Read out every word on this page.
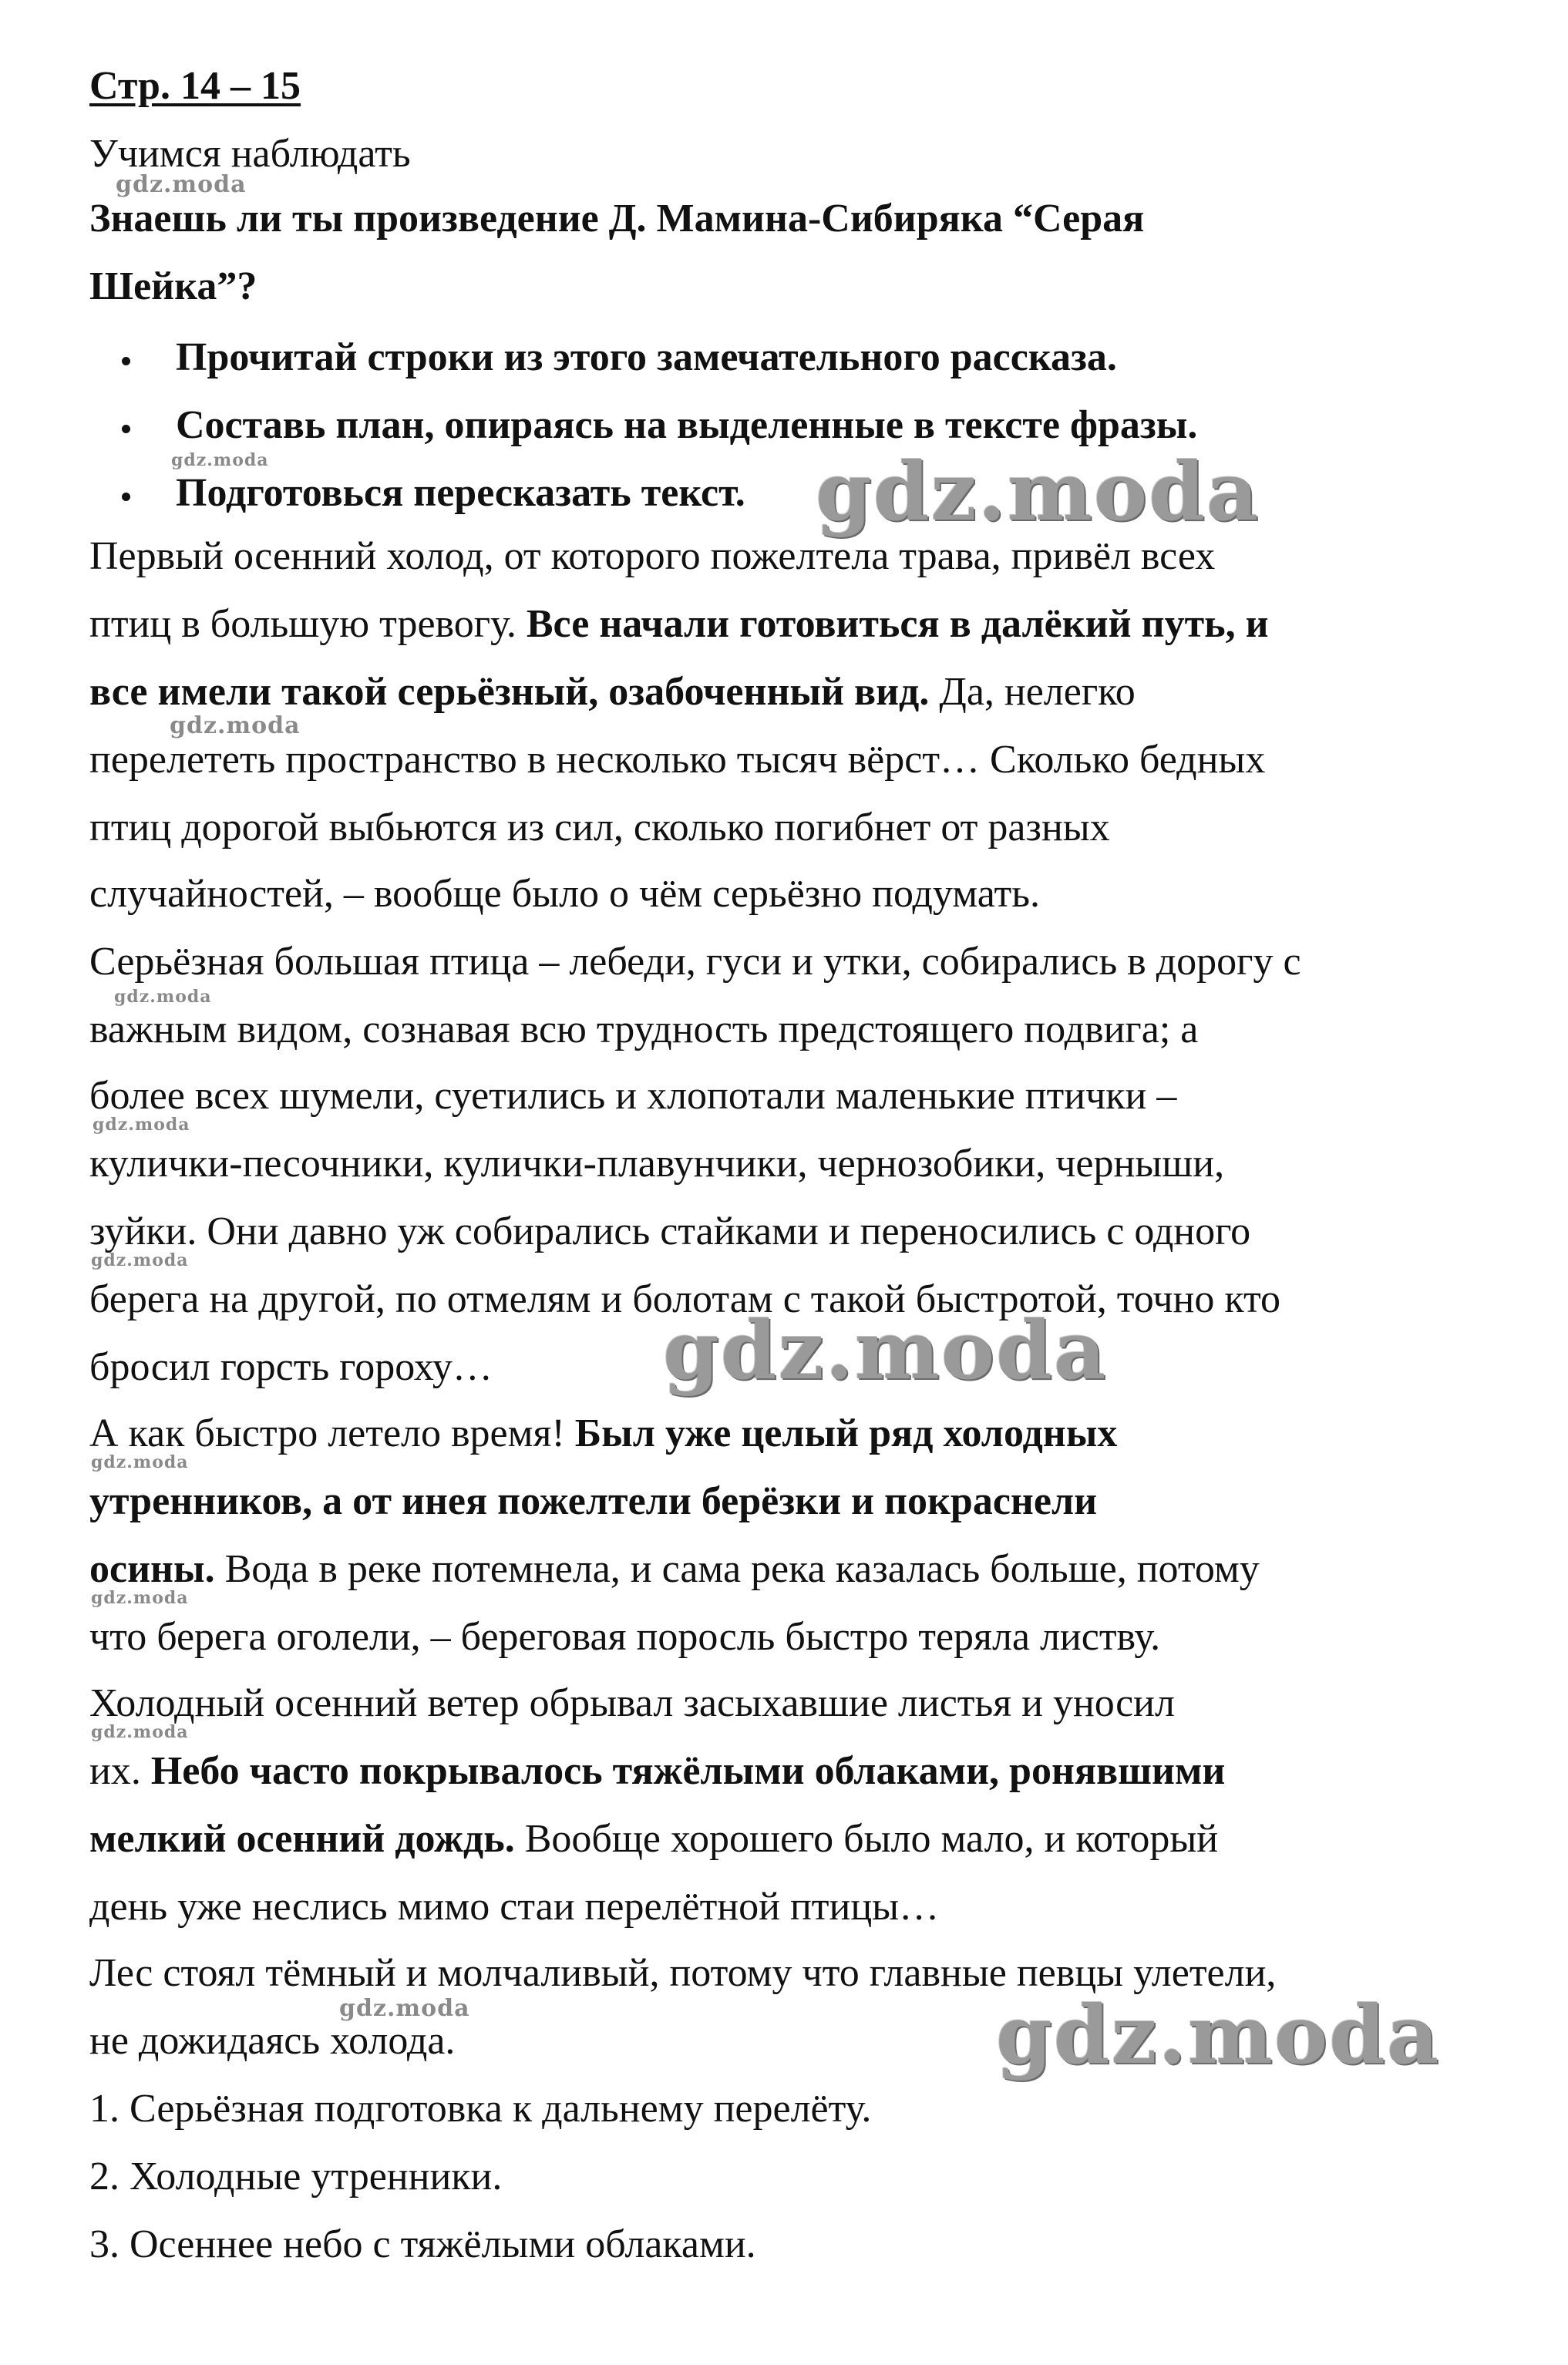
Стр. 14 – 15
Учимся наблюдать
Знаешь ли ты произведение Д. Мамина-Сибиряка “Серая
Шейка”?
Прочитай строки из этого замечательного рассказа.
Составь план, опираясь на выделенные в тексте фразы.
Подготовься пересказать текст.
Первый осенний холод, от которого пожелтела трава, привёл всех
птиц в большую тревогу. Все начали готовиться в далёкий путь, и
все имели такой серьёзный, озабоченный вид. Да, нелегко
перелететь пространство в несколько тысяч вёрст… Сколько бедных
птиц дорогой выбьются из сил, сколько погибнет от разных
случайностей, – вообще было о чём серьёзно подумать.
Серьёзная большая птица – лебеди, гуси и утки, собирались в дорогу с
важным видом, сознавая всю трудность предстоящего подвига; а
более всех шумели, суетились и хлопотали маленькие птички –
кулички-песочники, кулички-плавунчики, чернозобики, черныши,
зуйки. Они давно уж собирались стайками и переносились с одного
берега на другой, по отмелям и болотам с такой быстротой, точно кто
бросил горсть гороху…
А как быстро летело время! Был уже целый ряд холодных
утренников, а от инея пожелтели берёзки и покраснели
осины. Вода в реке потемнела, и сама река казалась больше, потому
что берега оголели, – береговая поросль быстро теряла листву.
Холодный осенний ветер обрывал засыхавшие листья и уносил
их. Небо часто покрывалось тяжёлыми облаками, ронявшими
мелкий осенний дождь. Вообще хорошего было мало, и который
день уже неслись мимо стаи перелётной птицы…
Лес стоял тёмный и молчаливый, потому что главные певцы улетели,
не дожидаясь холода.
1. Серьёзная подготовка к дальнему перелёту.
2. Холодные утренники.
3. Осеннее небо с тяжёлыми облаками.
gdz.moda
gdz.moda	gdz.moda
gdz.moda
gdz.moda
gdz.moda
gdz.moda
gdz.moda
gdz.moda
gdz.moda
gdz.moda
gdz.moda	gdz.moda
